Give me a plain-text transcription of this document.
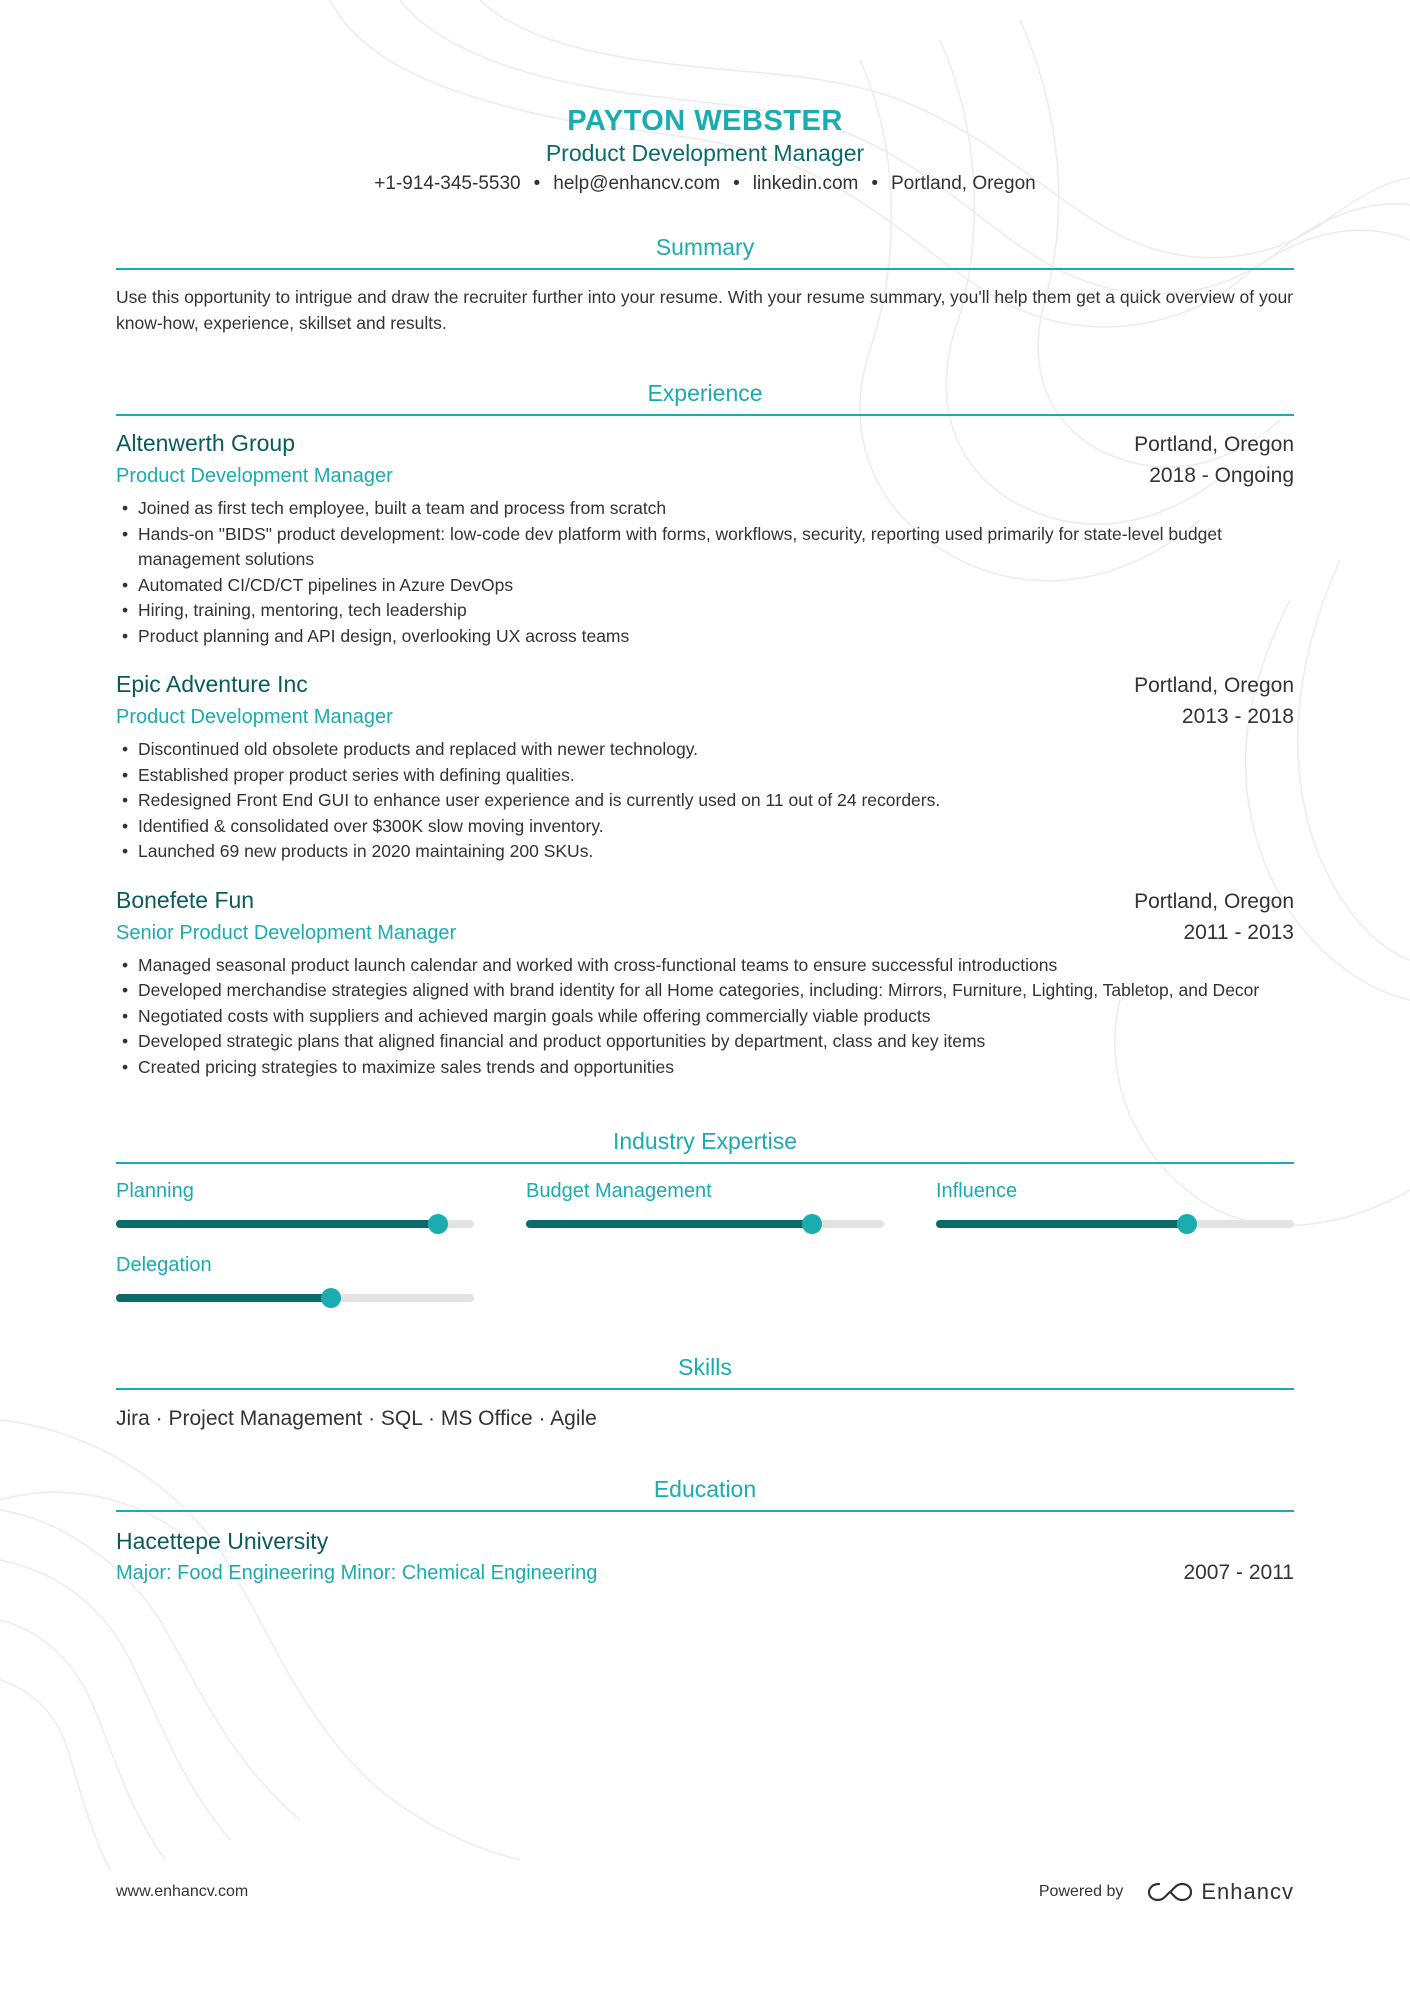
PAYTON WEBSTER
Product Development Manager
+1-914-345-5530 • help@enhancv.com • linkedin.com • Portland, Oregon
Summary
Use this opportunity to intrigue and draw the recruiter further into your resume. With your resume summary, you'll help them get a quick overview of your know-how, experience, skillset and results.
Experience
Altenwerth Group	Portland, Oregon
Product Development Manager	2018 - Ongoing
• Joined as first tech employee, built a team and process from scratch
• Hands-on "BIDS" product development: low-code dev platform with forms, workflows, security, reporting used primarily for state-level budget management solutions
• Automated CI/CD/CT pipelines in Azure DevOps
• Hiring, training, mentoring, tech leadership
• Product planning and API design, overlooking UX across teams
Epic Adventure Inc	Portland, Oregon
Product Development Manager	2013 - 2018
• Discontinued old obsolete products and replaced with newer technology.
• Established proper product series with defining qualities.
• Redesigned Front End GUI to enhance user experience and is currently used on 11 out of 24 recorders.
• Identified & consolidated over $300K slow moving inventory.
• Launched 69 new products in 2020 maintaining 200 SKUs.
Bonefete Fun	Portland, Oregon
Senior Product Development Manager	2011 - 2013
• Managed seasonal product launch calendar and worked with cross-functional teams to ensure successful introductions
• Developed merchandise strategies aligned with brand identity for all Home categories, including: Mirrors, Furniture, Lighting, Tabletop, and Decor
• Negotiated costs with suppliers and achieved margin goals while offering commercially viable products
• Developed strategic plans that aligned financial and product opportunities by department, class and key items
• Created pricing strategies to maximize sales trends and opportunities
Industry Expertise
Planning	Budget Management	Influence
Delegation
Skills
Jira · Project Management · SQL · MS Office · Agile
Education
Hacettepe University
Major: Food Engineering Minor: Chemical Engineering	2007 - 2011
www.enhancv.com	Powered by	Enhancv
